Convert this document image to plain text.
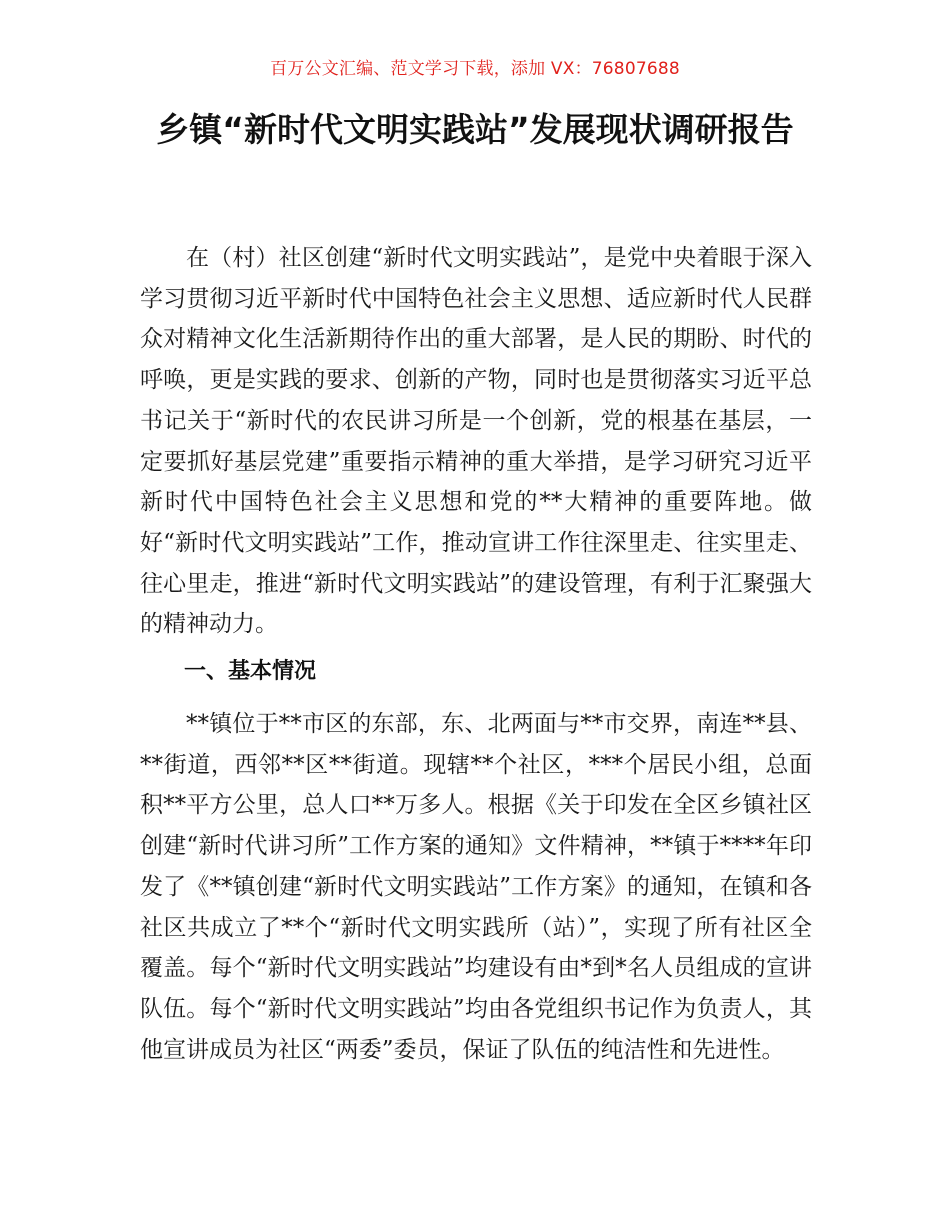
百万公文汇编、范文学习下载，添加 VX：76807688
乡镇“新时代文明实践站”发展现状调研报告

在（村）社区创建“新时代文明实践站”，是党中央着眼于深入学习贯彻习近平新时代中国特色社会主义思想、适应新时代人民群众对精神文化生活新期待作出的重大部署，是人民的期盼、时代的呼唤，更是实践的要求、创新的产物，同时也是贯彻落实习近平总书记关于“新时代的农民讲习所是一个创新，党的根基在基层，一定要抓好基层党建”重要指示精神的重大举措，是学习研究习近平新时代中国特色社会主义思想和党的**大精神的重要阵地。做好“新时代文明实践站”工作，推动宣讲工作往深里走、往实里走、往心里走，推进“新时代文明实践站”的建设管理，有利于汇聚强大的精神动力。

一、基本情况

**镇位于**市区的东部，东、北两面与**市交界，南连**县、**街道，西邻**区**街道。现辖**个社区，***个居民小组，总面积**平方公里，总人口**万多人。根据《关于印发在全区乡镇社区创建“新时代讲习所”工作方案的通知》文件精神，**镇于****年印发了《**镇创建“新时代文明实践站”工作方案》的通知，在镇和各社区共成立了**个“新时代文明实践所（站）”，实现了所有社区全覆盖。每个“新时代文明实践站”均建设有由*到*名人员组成的宣讲队伍。每个“新时代文明实践站”均由各党组织书记作为负责人，其他宣讲成员为社区“两委”委员，保证了队伍的纯洁性和先进性。
